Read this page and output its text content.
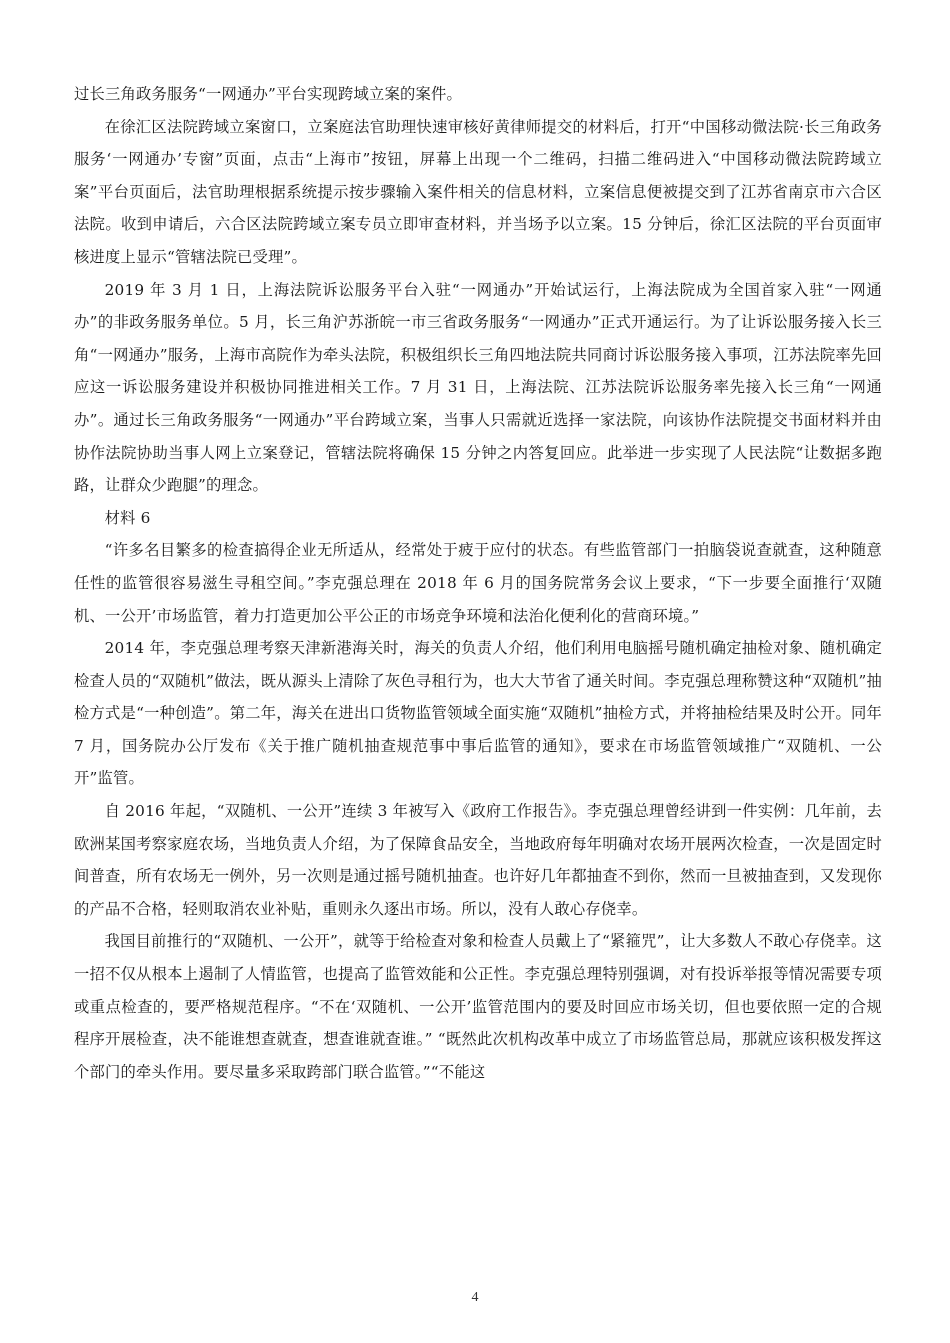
过长三角政务服务“一网通办”平台实现跨域立案的案件。

在徐汇区法院跨域立案窗口，立案庭法官助理快速审核好黄律师提交的材料后，打开“中国移动微法院·长三角政务服务‘一网通办’专窗”页面，点击“上海市”按钮，屏幕上出现一个二维码，扫描二维码进入“中国移动微法院跨域立案”平台页面后，法官助理根据系统提示按步骤输入案件相关的信息材料，立案信息便被提交到了江苏省南京市六合区法院。收到申请后，六合区法院跨域立案专员立即审查材料，并当场予以立案。15 分钟后，徐汇区法院的平台页面审核进度上显示“管辖法院已受理”。

2019 年 3 月 1 日，上海法院诉讼服务平台入驻“一网通办”开始试运行，上海法院成为全国首家入驻“一网通办”的非政务服务单位。5 月，长三角沪苏浙皖一市三省政务服务“一网通办”正式开通运行。为了让诉讼服务接入长三角“一网通办”服务，上海市高院作为牵头法院，积极组织长三角四地法院共同商讨诉讼服务接入事项，江苏法院率先回应这一诉讼服务建设并积极协同推进相关工作。7 月 31 日，上海法院、江苏法院诉讼服务率先接入长三角“一网通办”。通过长三角政务服务“一网通办”平台跨域立案，当事人只需就近选择一家法院，向该协作法院提交书面材料并由协作法院协助当事人网上立案登记，管辖法院将确保 15 分钟之内答复回应。此举进一步实现了人民法院“让数据多跑路，让群众少跑腿”的理念。

材料 6

“许多名目繁多的检查搞得企业无所适从，经常处于疲于应付的状态。有些监管部门一拍脑袋说查就查，这种随意任性的监管很容易滋生寻租空间。”李克强总理在 2018 年 6 月的国务院常务会议上要求，“下一步要全面推行‘双随机、一公开’市场监管，着力打造更加公平公正的市场竞争环境和法治化便利化的营商环境。”

2014 年，李克强总理考察天津新港海关时，海关的负责人介绍，他们利用电脑摇号随机确定抽检对象、随机确定检查人员的“双随机”做法，既从源头上清除了灰色寻租行为，也大大节省了通关时间。李克强总理称赞这种“双随机”抽检方式是“一种创造”。第二年，海关在进出口货物监管领域全面实施“双随机”抽检方式，并将抽检结果及时公开。同年 7 月，国务院办公厅发布《关于推广随机抽查规范事中事后监管的通知》，要求在市场监管领域推广“双随机、一公开”监管。

自 2016 年起，“双随机、一公开”连续 3 年被写入《政府工作报告》。李克强总理曾经讲到一件实例：几年前，去欧洲某国考察家庭农场，当地负责人介绍，为了保障食品安全，当地政府每年明确对农场开展两次检查，一次是固定时间普查，所有农场无一例外，另一次则是通过摇号随机抽查。也许好几年都抽查不到你，然而一旦被抽查到，又发现你的产品不合格，轻则取消农业补贴，重则永久逐出市场。所以，没有人敢心存侥幸。

我国目前推行的“双随机、一公开”，就等于给检查对象和检查人员戴上了“紧箍咒”，让大多数人不敢心存侥幸。这一招不仅从根本上遏制了人情监管，也提高了监管效能和公正性。李克强总理特别强调，对有投诉举报等情况需要专项或重点检查的，要严格规范程序。“不在‘双随机、一公开’监管范围内的要及时回应市场关切，但也要依照一定的合规程序开展检查，决不能谁想查就查，想查谁就查谁。” “既然此次机构改革中成立了市场监管总局，那就应该积极发挥这个部门的牵头作用。要尽量多采取跨部门联合监管。”“不能这

4
